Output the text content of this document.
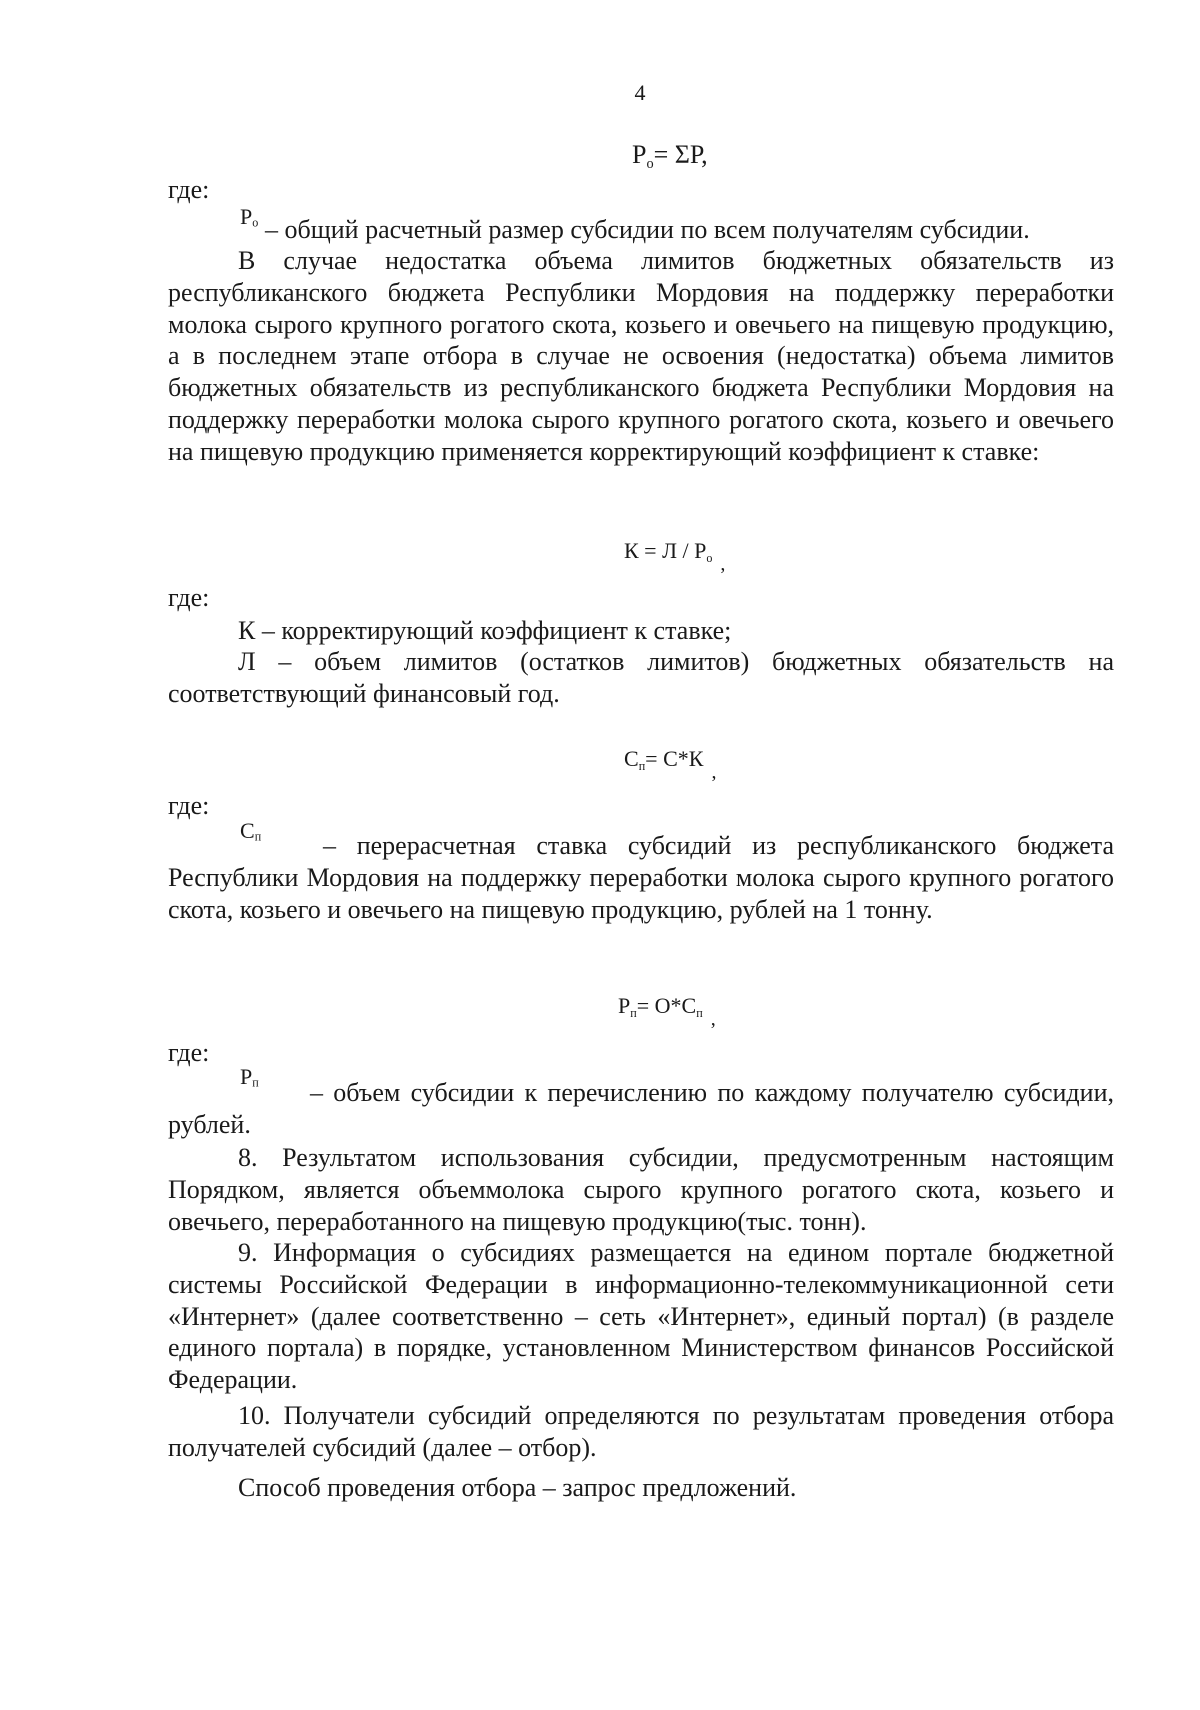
4
$Р_о= \Sigma Р$,
где:
$Р_о$ – общий расчетный размер субсидии по всем получателям субсидии.
В случае недостатка объема лимитов бюджетных обязательств из республиканского бюджета Республики Мордовия на поддержку переработки молока сырого крупного рогатого скота, козьего и овечьего на пищевую продукцию, а в последнем этапе отбора в случае не освоения (недостатка) объема лимитов бюджетных обязательств из республиканского бюджета Республики Мордовия на поддержку переработки молока сырого крупного рогатого скота, козьего и овечьего на пищевую продукцию применяется корректирующий коэффициент к ставке:
$К = Л / Р_о$ ,
где:
К – корректирующий коэффициент к ставке;
Л – объем лимитов (остатков лимитов) бюджетных обязательств на соответствующий финансовый год.
$С_п= С*К$,
где:
$С_п$	– перерасчетная ставка субсидий из республиканского бюджета Республики Мордовия на поддержку переработки молока сырого крупного рогатого скота, козьего и овечьего на пищевую продукцию, рублей на 1 тонну.
$Р_п= О*С_п$ ,
где:
$Р_п$	– объем субсидии к перечислению по каждому получателю субсидии, рублей.
8. Результатом использования субсидии, предусмотренным настоящим Порядком, является объеммолока сырого крупного рогатого скота, козьего и овечьего, переработанного на пищевую продукцию(тыс. тонн).
9. Информация о субсидиях размещается на едином портале бюджетной системы Российской Федерации в информационно-телекоммуникационной сети «Интернет» (далее соответственно – сеть «Интернет», единый портал) (в разделе единого портала) в порядке, установленном Министерством финансов Российской Федерации.
10. Получатели субсидий определяются по результатам проведения отбора получателей субсидий (далее – отбор).
Способ проведения отбора – запрос предложений.
